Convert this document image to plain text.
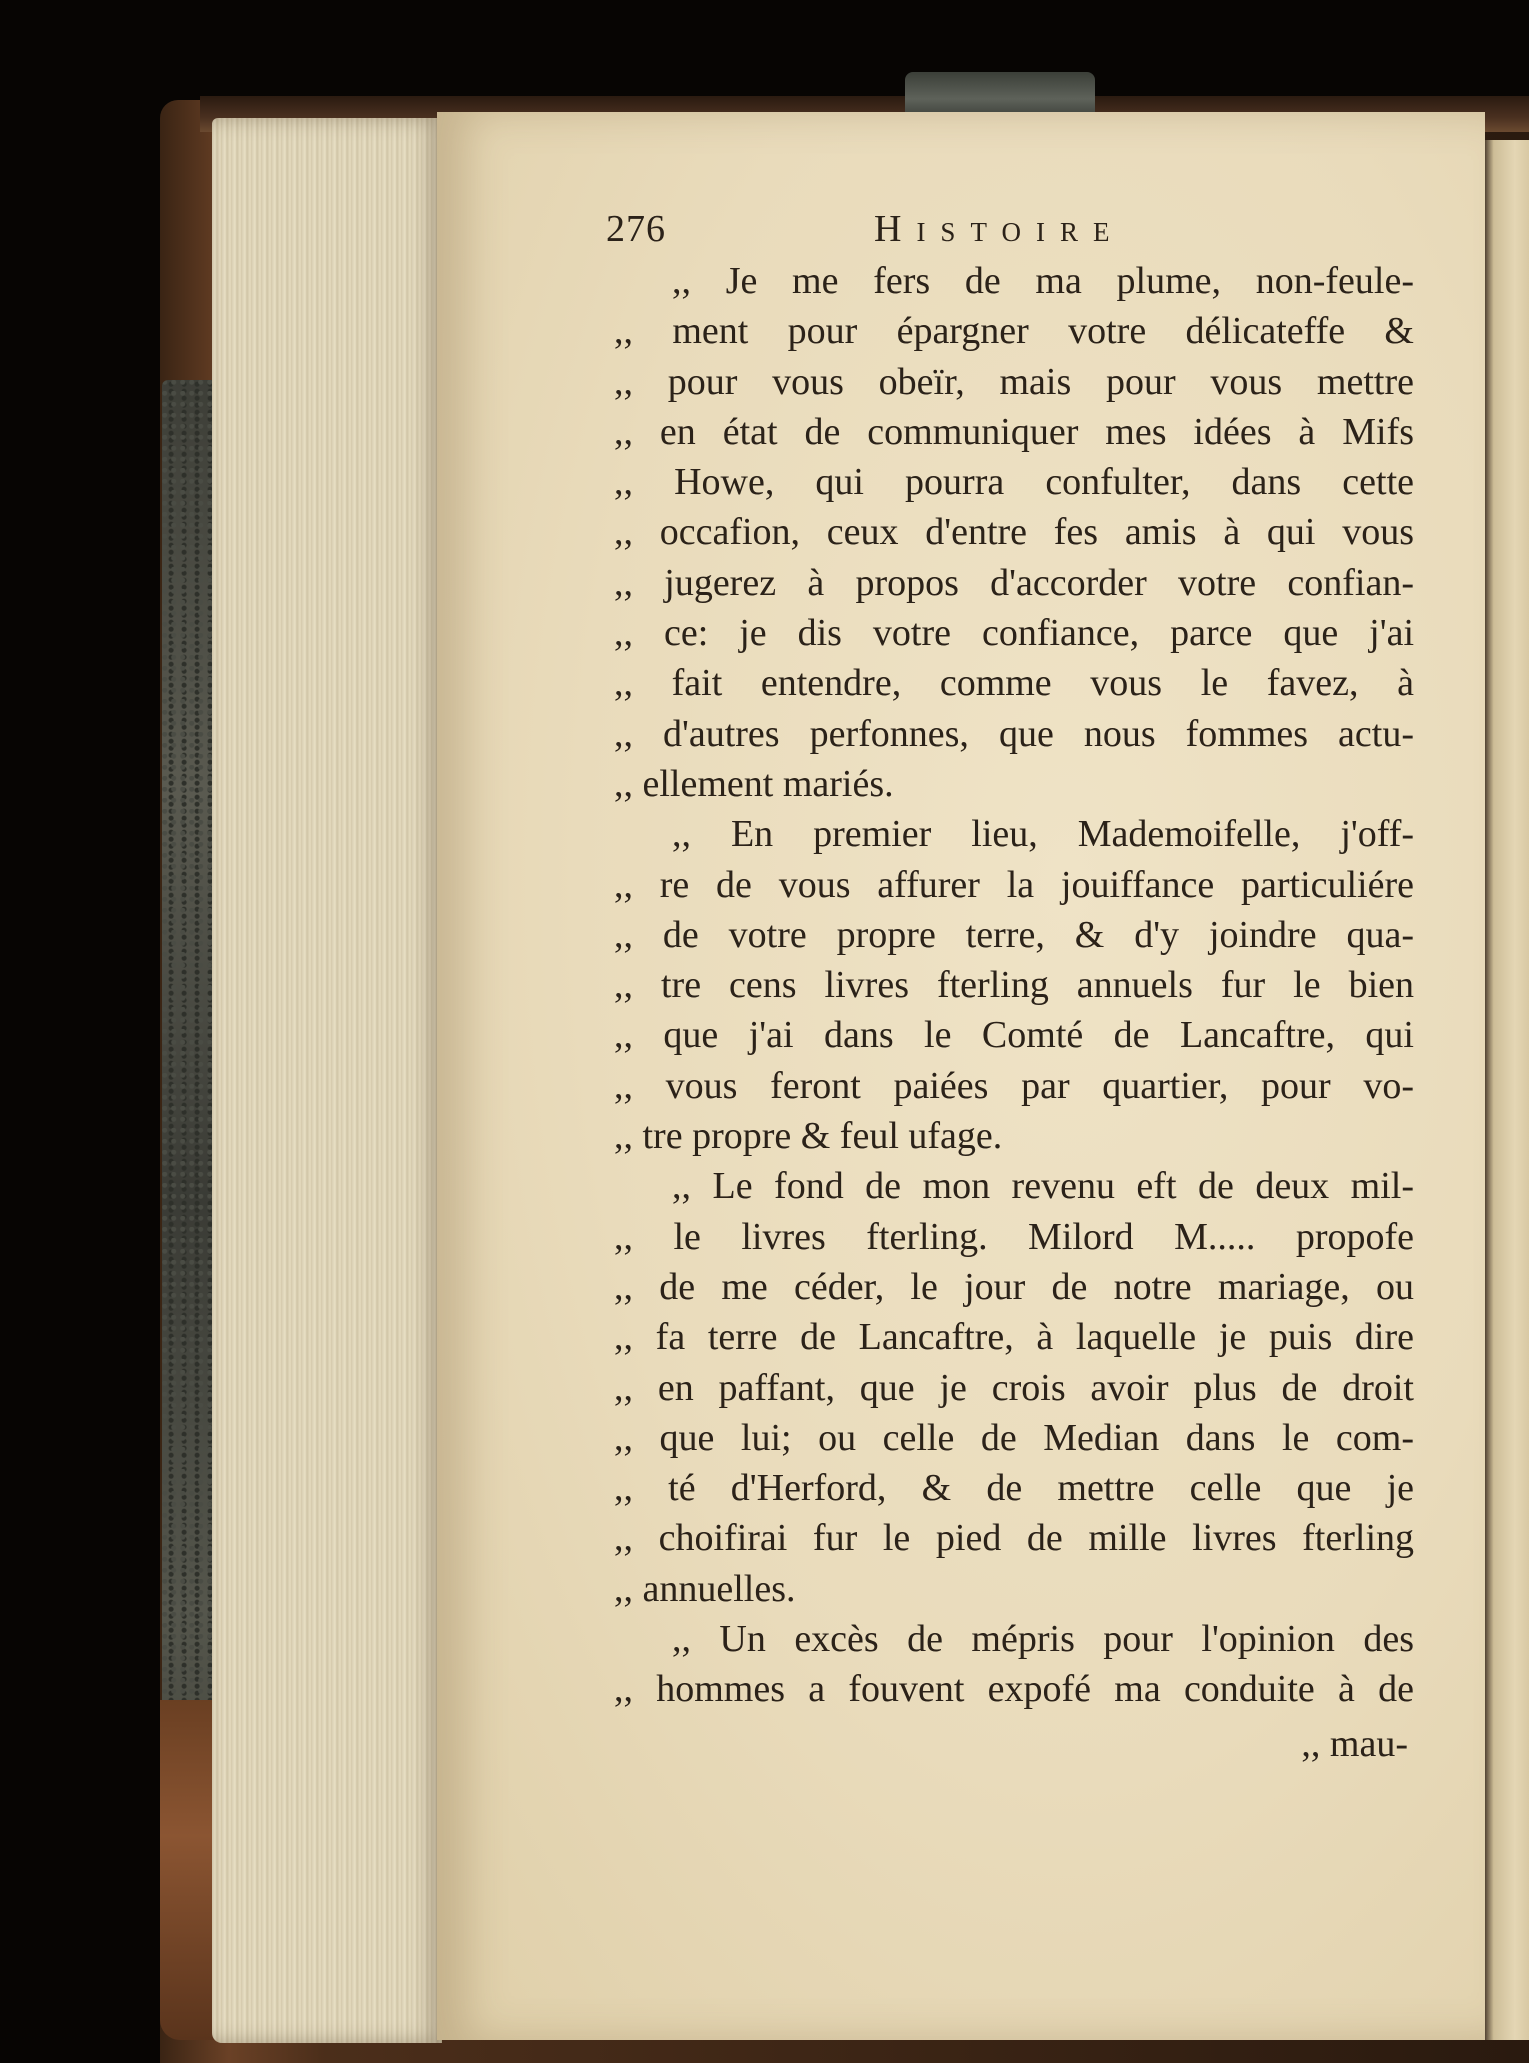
276	Histoire
,, Je me fers de ma plume, non-feule-
,, ment pour épargner votre délicateffe &
,, pour vous obeïr, mais pour vous mettre
,, en état de communiquer mes idées à Mifs
,, Howe, qui pourra confulter, dans cette
,, occafion, ceux d'entre fes amis à qui vous
,, jugerez à propos d'accorder votre confian-
,, ce: je dis votre confiance, parce que j'ai
,, fait entendre, comme vous le favez, à
,, d'autres perfonnes, que nous fommes actu-
,, ellement mariés.
,, En premier lieu, Mademoifelle, j'off-
,, re de vous affurer la jouiffance particuliére
,, de votre propre terre, & d'y joindre qua-
,, tre cens livres fterling annuels fur le bien
,, que j'ai dans le Comté de Lancaftre, qui
,, vous feront paiées par quartier, pour vo-
,, tre propre & feul ufage.
,, Le fond de mon revenu eft de deux mil-
,, le livres fterling. Milord M..... propofe
,, de me céder, le jour de notre mariage, ou
,, fa terre de Lancaftre, à laquelle je puis dire
,, en paffant, que je crois avoir plus de droit
,, que lui; ou celle de Median dans le com-
,, té d'Herford, & de mettre celle que je
,, choifirai fur le pied de mille livres fterling
,, annuelles.
,, Un excès de mépris pour l'opinion des
,, hommes a fouvent expofé ma conduite à de
,, mau-
